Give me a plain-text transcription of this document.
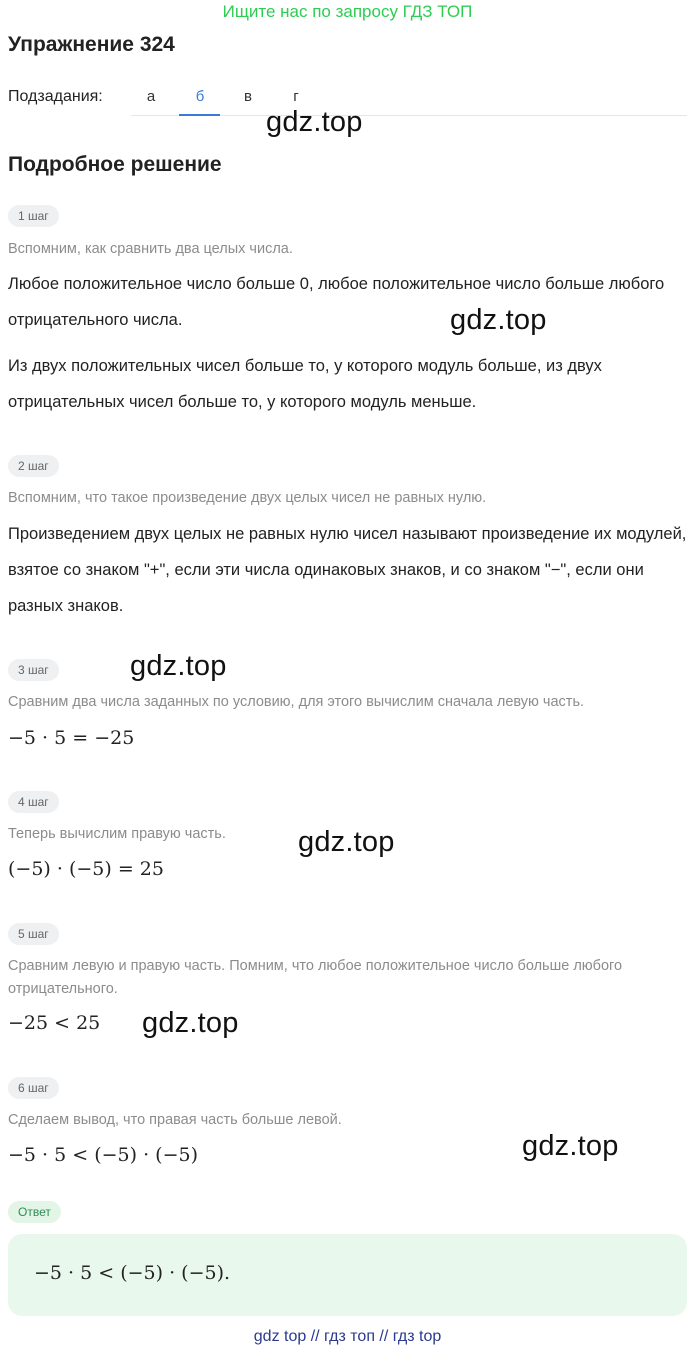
Ищите нас по запросу ГДЗ ТОП
Упражнение 324
Подзадания:	а	б	в	г
Подробное решение
gdz.top
gdz.top
gdz.top
gdz.top
gdz.top
gdz.top
1 шаг
Вспомним, как сравнить два целых числа.
Любое положительное число больше 0, любое положительное число больше любого отрицательного числа.
Из двух положительных чисел больше то, у которого модуль больше, из двух отрицательных чисел больше то, у которого модуль меньше.
2 шаг
Вспомним, что такое произведение двух целых чисел не равных нулю.
Произведением двух целых не равных нулю чисел называют произведение их модулей, взятое со знаком "+", если эти числа одинаковых знаков, и со знаком "−", если они разных знаков.
3 шаг
Сравним два числа заданных по условию, для этого вычислим сначала левую часть.
−5 · 5 = −25
4 шаг
Теперь вычислим правую часть.
(−5) · (−5) = 25
5 шаг
Сравним левую и правую часть. Помним, что любое положительное число больше любого отрицательного.
−25 < 25
6 шаг
Сделаем вывод, что правая часть больше левой.
−5 · 5 < (−5) · (−5)
Ответ
−5 · 5 < (−5) · (−5).
gdz top // гдз топ // гдз top
